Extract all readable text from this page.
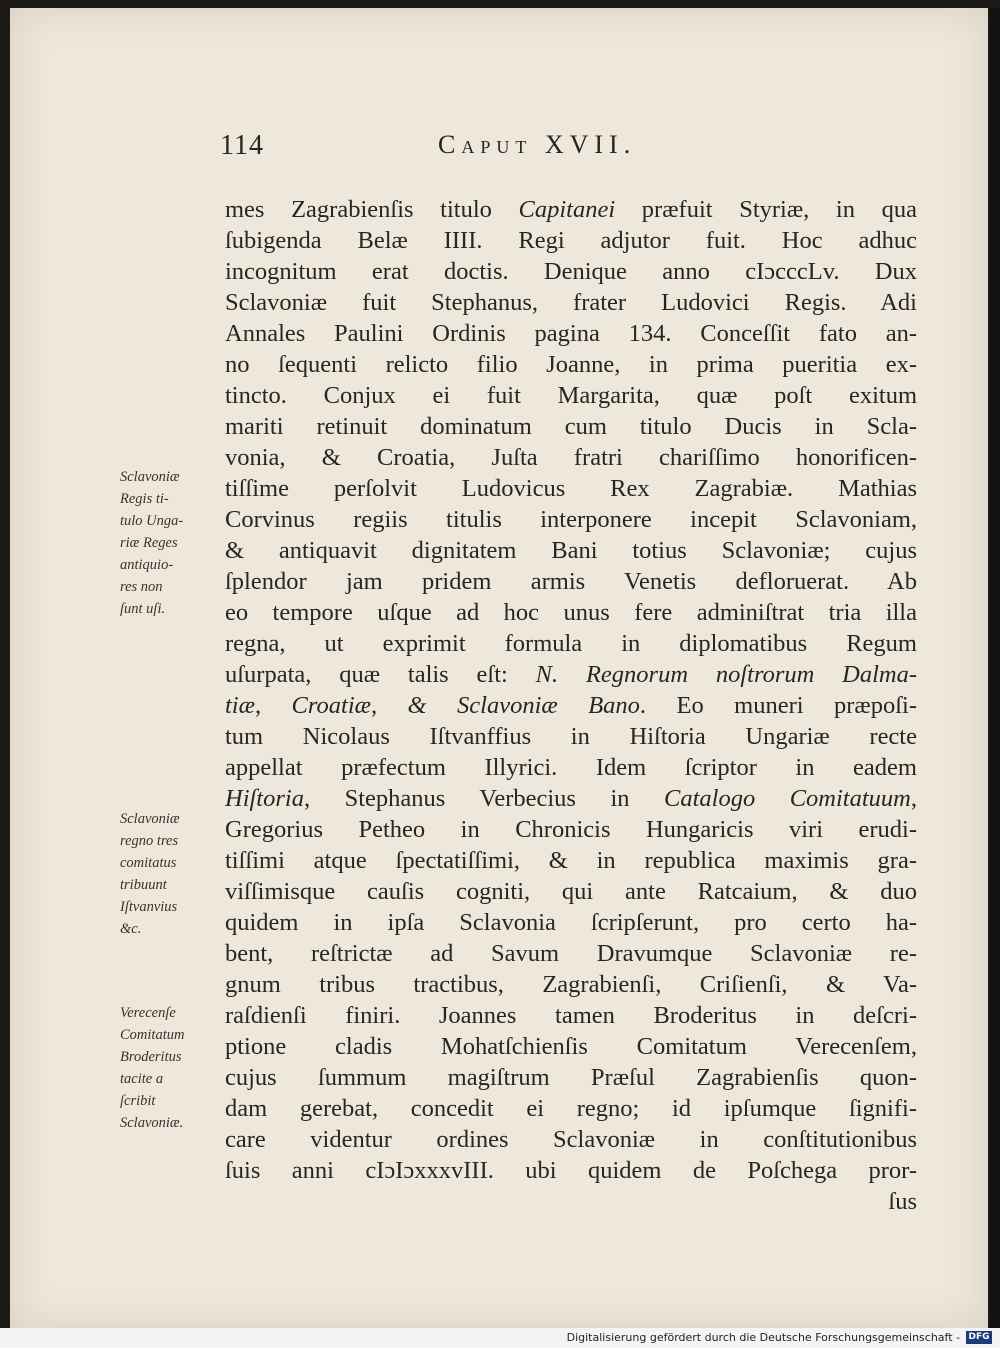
114	Caput XVII.
mes Zagrabienſis titulo Capitanei præfuit Styriæ, in qua
ſubigenda Belæ IIII. Regi adjutor fuit. Hoc adhuc
incognitum erat doctis. Denique anno cIɔcccLv. Dux
Sclavoniæ fuit Stephanus, frater Ludovici Regis. Adi
Annales Paulini Ordinis pagina 134. Conceſſit fato an-
no ſequenti relicto filio Joanne, in prima pueritia ex-
tincto. Conjux ei fuit Margarita, quæ poſt exitum
mariti retinuit dominatum cum titulo Ducis in Scla-
vonia, & Croatia, Juſta fratri chariſſimo honorificen-
tiſſime perſolvit Ludovicus Rex Zagrabiæ. Mathias
Corvinus regiis titulis interponere incepit Sclavoniam,
& antiquavit dignitatem Bani totius Sclavoniæ; cujus
ſplendor jam pridem armis Venetis defloruerat. Ab
eo tempore uſque ad hoc unus fere adminiſtrat tria illa
regna, ut exprimit formula in diplomatibus Regum
uſurpata, quæ talis eſt: N. Regnorum noſtrorum Dalma-
tiæ, Croatiæ, & Sclavoniæ Bano. Eo muneri præpoſi-
tum Nicolaus Iſtvanffius in Hiſtoria Ungariæ recte
appellat præfectum Illyrici. Idem ſcriptor in eadem
Hiſtoria, Stephanus Verbecius in Catalogo Comitatuum,
Gregorius Petheo in Chronicis Hungaricis viri erudi-
tiſſimi atque ſpectatiſſimi, & in republica maximis gra-
viſſimisque cauſis cogniti, qui ante Ratcaium, & duo
quidem in ipſa Sclavonia ſcripſerunt, pro certo ha-
bent, reſtrictæ ad Savum Dravumque Sclavoniæ re-
gnum tribus tractibus, Zagrabienſi, Criſienſi, & Va-
raſdienſi finiri. Joannes tamen Broderitus in deſcri-
ptione cladis Mohatſchienſis Comitatum Verecenſem,
cujus ſummum magiſtrum Præſul Zagrabienſis quon-
dam gerebat, concedit ei regno; id ipſumque ſignifi-
care videntur ordines Sclavoniæ in conſtitutionibus
ſuis anni cIɔIɔxxxvIII. ubi quidem de Poſchega pror-
ſus
Sclavoniæ
Regis ti-
tulo Unga-
riæ Reges
antiquio-
res non
ſunt uſi.
Sclavoniæ
regno tres
comitatus
tribuunt
Iſtvanvius
&c.
Verecenſe
Comitatum
Broderitus
tacite a
ſcribit
Sclavoniæ.
Digitalisierung gefördert durch die Deutsche Forschungsgemeinschaft - DFG
